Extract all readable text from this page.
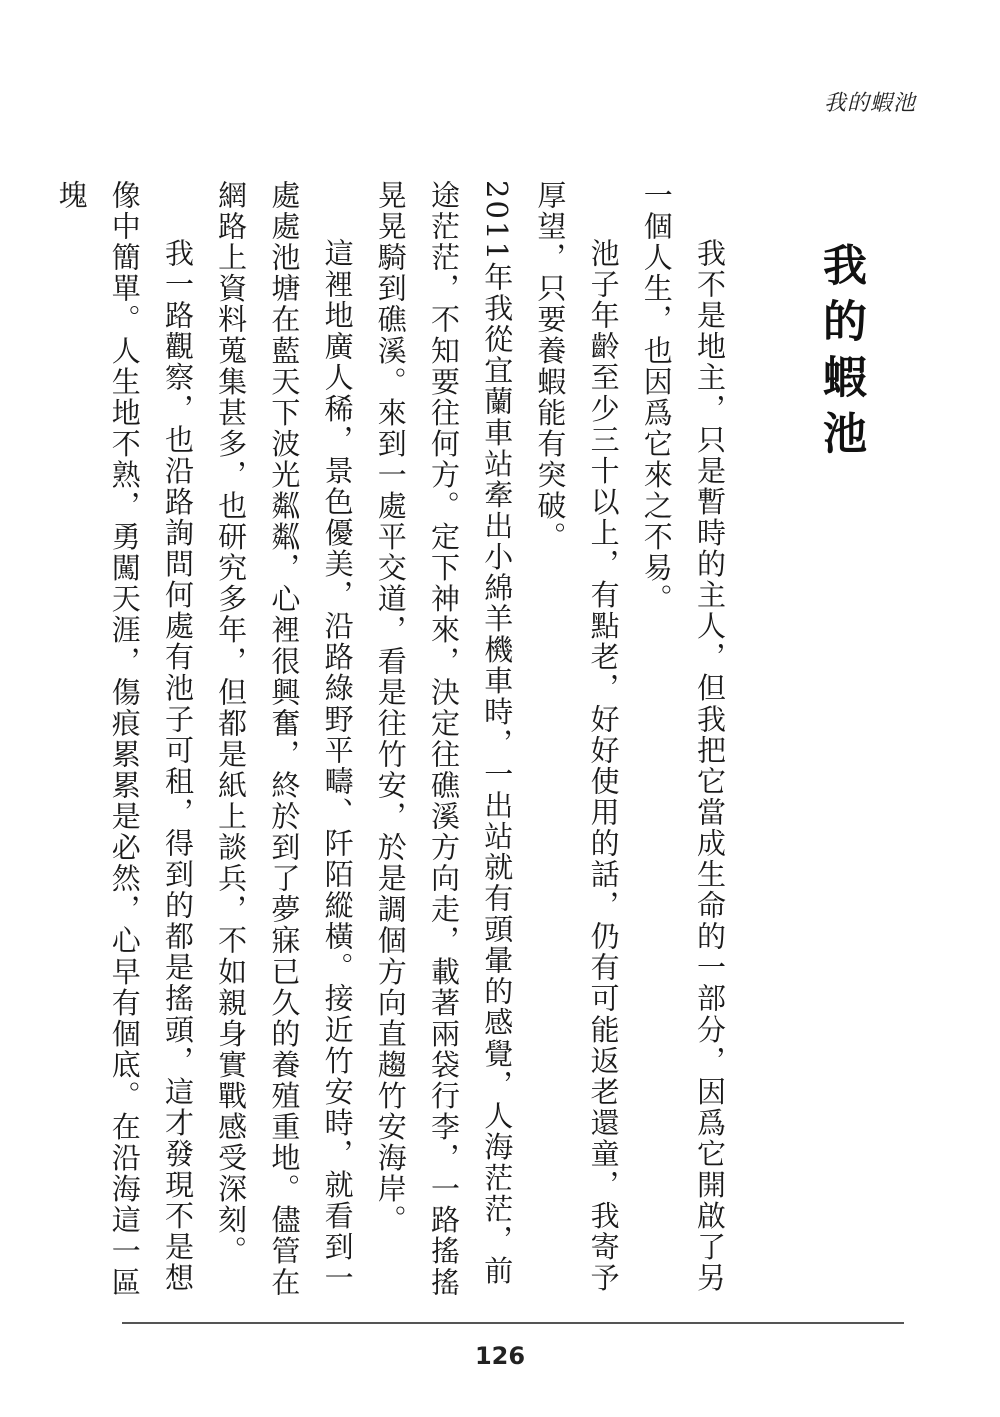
我的蝦池
我的蝦池

我不是地主，只是暫時的主人，但我把它當成生命的一部分，因爲它開啟了另一個人生，也因爲它來之不易。

池子年齡至少三十以上，有點老，好好使用的話，仍有可能返老還童，我寄予厚望，只要養蝦能有突破。

2011年我從宜蘭車站牽出小綿羊機車時，一出站就有頭暈的感覺，人海茫茫，前途茫茫，不知要往何方。定下神來，決定往礁溪方向走，載著兩袋行李，一路搖搖晃晃騎到礁溪。來到一處平交道，看是往竹安，於是調個方向直趨竹安海岸。

這裡地廣人稀，景色優美，沿路綠野平疇、阡陌縱橫。接近竹安時，就看到一處處池塘在藍天下波光粼粼，心裡很興奮，終於到了夢寐已久的養殖重地。儘管在網路上資料蒐集甚多，也研究多年，但都是紙上談兵，不如親身實戰感受深刻。

我一路觀察，也沿路詢問何處有池子可租，得到的都是搖頭，這才發現不是想像中簡單。人生地不熟，勇闖天涯，傷痕累累是必然，心早有個底。在沿海這一區塊

126
